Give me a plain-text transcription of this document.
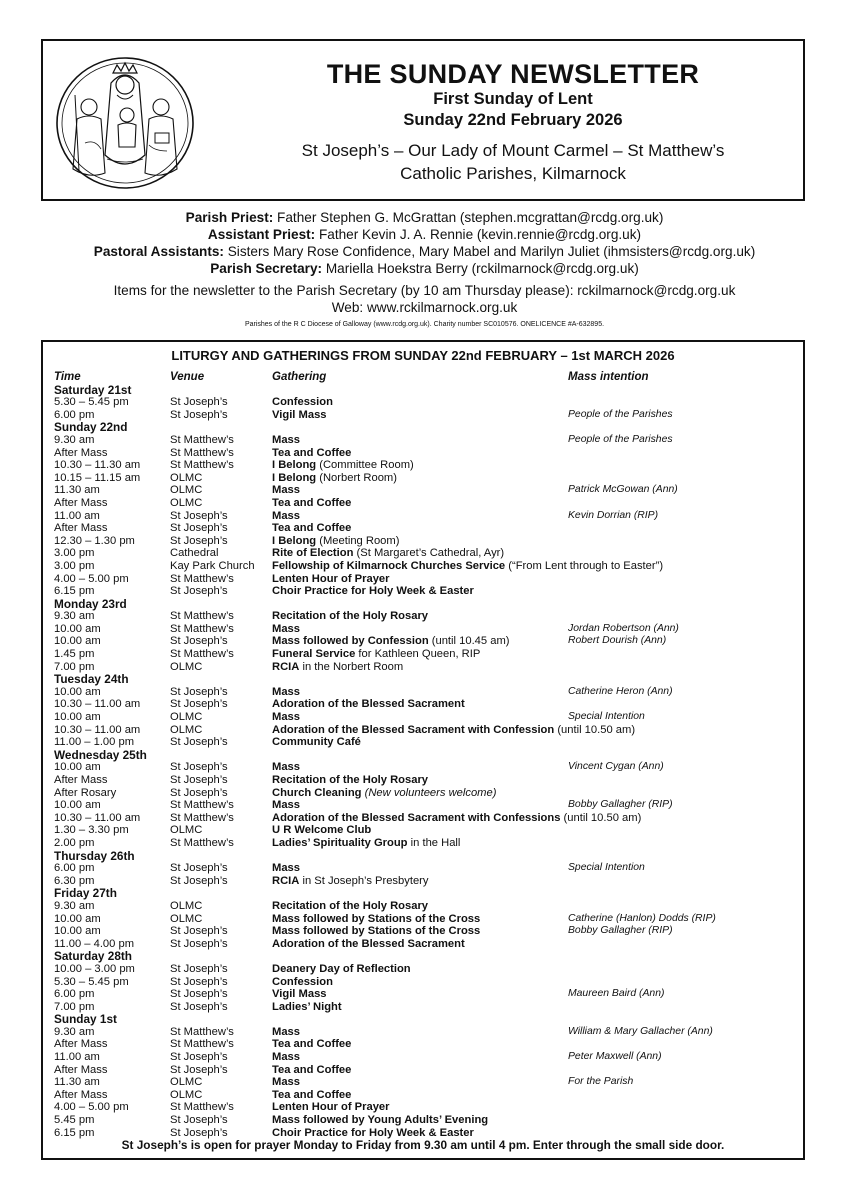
THE SUNDAY NEWSLETTER
First Sunday of Lent
Sunday 22nd February 2026
St Joseph’s – Our Lady of Mount Carmel – St Matthew’s
Catholic Parishes, Kilmarnock
Parish Priest: Father Stephen G. McGrattan (stephen.mcgrattan@rcdg.org.uk)
Assistant Priest: Father Kevin J. A. Rennie (kevin.rennie@rcdg.org.uk)
Pastoral Assistants: Sisters Mary Rose Confidence, Mary Mabel and Marilyn Juliet (ihmsisters@rcdg.org.uk)
Parish Secretary: Mariella Hoekstra Berry (rckilmarnock@rcdg.org.uk)
Items for the newsletter to the Parish Secretary (by 10 am Thursday please): rckilmarnock@rcdg.org.uk
Web: www.rckilmarnock.org.uk
Parishes of the R C Diocese of Galloway (www.rcdg.org.uk). Charity number SC010576. ONELICENCE #A-632895.
LITURGY AND GATHERINGS FROM SUNDAY 22nd FEBRUARY – 1st MARCH 2026
Time	Venue	Gathering	Mass intention
Saturday 21st
5.30 – 5.45 pm	St Joseph’s	Confession
6.00 pm	St Joseph’s	Vigil Mass	People of the Parishes
Sunday 22nd
9.30 am	St Matthew’s	Mass	People of the Parishes
After Mass	St Matthew’s	Tea and Coffee
10.30 – 11.30 am	St Matthew’s	I Belong (Committee Room)
10.15 – 11.15 am	OLMC	I Belong (Norbert Room)
11.30 am	OLMC	Mass	Patrick McGowan (Ann)
After Mass	OLMC	Tea and Coffee
11.00 am	St Joseph’s	Mass	Kevin Dorrian (RIP)
After Mass	St Joseph’s	Tea and Coffee
12.30 – 1.30 pm	St Joseph’s	I Belong (Meeting Room)
3.00 pm	Cathedral	Rite of Election (St Margaret’s Cathedral, Ayr)
3.00 pm	Kay Park Church	Fellowship of Kilmarnock Churches Service (“From Lent through to Easter”)
4.00 – 5.00 pm	St Matthew’s	Lenten Hour of Prayer
6.15 pm	St Joseph’s	Choir Practice for Holy Week & Easter
Monday 23rd
9.30 am	St Matthew’s	Recitation of the Holy Rosary
10.00 am	St Matthew’s	Mass	Jordan Robertson (Ann)
10.00 am	St Joseph’s	Mass followed by Confession (until 10.45 am)	Robert Dourish (Ann)
1.45 pm	St Matthew’s	Funeral Service for Kathleen Queen, RIP
7.00 pm	OLMC	RCIA in the Norbert Room
Tuesday 24th
10.00 am	St Joseph’s	Mass	Catherine Heron (Ann)
10.30 – 11.00 am	St Joseph’s	Adoration of the Blessed Sacrament
10.00 am	OLMC	Mass	Special Intention
10.30 – 11.00 am	OLMC	Adoration of the Blessed Sacrament with Confession (until 10.50 am)
11.00 – 1.00 pm	St Joseph’s	Community Café
Wednesday 25th
10.00 am	St Joseph’s	Mass	Vincent Cygan (Ann)
After Mass	St Joseph’s	Recitation of the Holy Rosary
After Rosary	St Joseph’s	Church Cleaning (New volunteers welcome)
10.00 am	St Matthew’s	Mass	Bobby Gallagher (RIP)
10.30 – 11.00 am	St Matthew’s	Adoration of the Blessed Sacrament with Confessions (until 10.50 am)
1.30 – 3.30 pm	OLMC	U R Welcome Club
2.00 pm	St Matthew’s	Ladies’ Spirituality Group in the Hall
Thursday 26th
6.00 pm	St Joseph’s	Mass	Special Intention
6.30 pm	St Joseph’s	RCIA in St Joseph’s Presbytery
Friday 27th
9.30 am	OLMC	Recitation of the Holy Rosary
10.00 am	OLMC	Mass followed by Stations of the Cross	Catherine (Hanlon) Dodds (RIP)
10.00 am	St Joseph’s	Mass followed by Stations of the Cross	Bobby Gallagher (RIP)
11.00 – 4.00 pm	St Joseph’s	Adoration of the Blessed Sacrament
Saturday 28th
10.00 – 3.00 pm	St Joseph’s	Deanery Day of Reflection
5.30 – 5.45 pm	St Joseph’s	Confession
6.00 pm	St Joseph’s	Vigil Mass	Maureen Baird (Ann)
7.00 pm	St Joseph’s	Ladies’ Night
Sunday 1st
9.30 am	St Matthew’s	Mass	William & Mary Gallacher (Ann)
After Mass	St Matthew’s	Tea and Coffee
11.00 am	St Joseph’s	Mass	Peter Maxwell (Ann)
After Mass	St Joseph’s	Tea and Coffee
11.30 am	OLMC	Mass	For the Parish
After Mass	OLMC	Tea and Coffee
4.00 – 5.00 pm	St Matthew’s	Lenten Hour of Prayer
5.45 pm	St Joseph’s	Mass followed by Young Adults’ Evening
6.15 pm	St Joseph’s	Choir Practice for Holy Week & Easter
St Joseph’s is open for prayer Monday to Friday from 9.30 am until 4 pm. Enter through the small side door.
